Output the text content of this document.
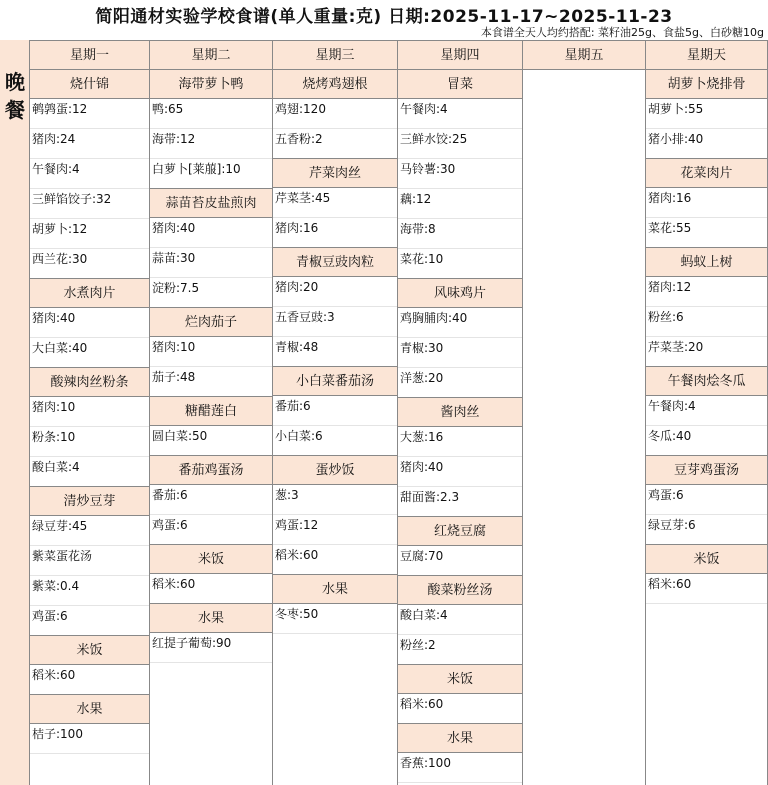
简阳通材实验学校食谱(单人重量:克) 日期:2025-11-17~2025-11-23
本食谱全天人均约搭配: 菜籽油25g、食盐5g、白砂糖10g
晚
餐
星期一
烧什锦
鹌鹑蛋:12
猪肉:24
午餐肉:4
三鲜馅饺子:32
胡萝卜:12
西兰花:30
水煮肉片
猪肉:40
大白菜:40
酸辣肉丝粉条
猪肉:10
粉条:10
酸白菜:4
清炒豆芽
绿豆芽:45
紫菜蛋花汤
紫菜:0.4
鸡蛋:6
米饭
稻米:60
水果
桔子:100
星期二
海带萝卜鸭
鸭:65
海带:12
白萝卜[莱菔]:10
蒜苗苔皮盐煎肉
猪肉:40
蒜苗:30
淀粉:7.5
烂肉茄子
猪肉:10
茄子:48
糖醋莲白
圆白菜:50
番茄鸡蛋汤
番茄:6
鸡蛋:6
米饭
稻米:60
水果
红提子葡萄:90
星期三
烧烤鸡翅根
鸡翅:120
五香粉:2
芹菜肉丝
芹菜茎:45
猪肉:16
青椒豆豉肉粒
猪肉:20
五香豆豉:3
青椒:48
小白菜番茄汤
番茄:6
小白菜:6
蛋炒饭
葱:3
鸡蛋:12
稻米:60
水果
冬枣:50
星期四
冒菜
午餐肉:4
三鲜水饺:25
马铃薯:30
藕:12
海带:8
菜花:10
风味鸡片
鸡胸脯肉:40
青椒:30
洋葱:20
酱肉丝
大葱:16
猪肉:40
甜面酱:2.3
红烧豆腐
豆腐:70
酸菜粉丝汤
酸白菜:4
粉丝:2
米饭
稻米:60
水果
香蕉:100
星期五	星期天
胡萝卜烧排骨
胡萝卜:55
猪小排:40
花菜肉片
猪肉:16
菜花:55
蚂蚁上树
猪肉:12
粉丝:6
芹菜茎:20
午餐肉烩冬瓜
午餐肉:4
冬瓜:40
豆芽鸡蛋汤
鸡蛋:6
绿豆芽:6
米饭
稻米:60
